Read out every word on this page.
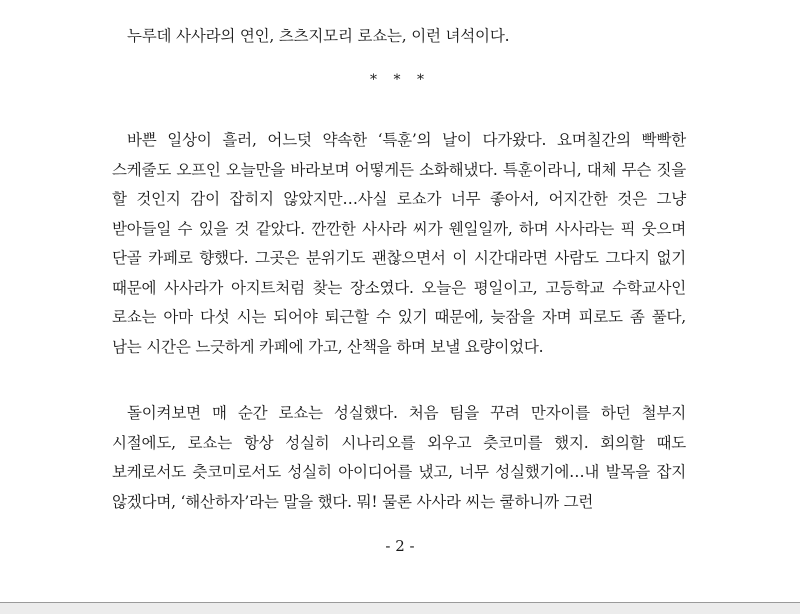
누루데 사사라의 연인, 츠츠지모리 로쇼는, 이런 녀석이다.

* * *

바쁜 일상이 흘러, 어느덧 약속한 ‘특훈’의 날이 다가왔다. 요며칠간의 빡빡한 스케줄도 오프인 오늘만을 바라보며 어떻게든 소화해냈다. 특훈이라니, 대체 무슨 짓을 할 것인지 감이 잡히지 않았지만…사실 로쇼가 너무 좋아서, 어지간한 것은 그냥 받아들일 수 있을 것 같았다. 깐깐한 사사라 씨가 웬일일까, 하며 사사라는 픽 웃으며 단골 카페로 향했다. 그곳은 분위기도 괜찮으면서 이 시간대라면 사람도 그다지 없기 때문에 사사라가 아지트처럼 찾는 장소였다. 오늘은 평일이고, 고등학교 수학교사인 로쇼는 아마 다섯 시는 되어야 퇴근할 수 있기 때문에, 늦잠을 자며 피로도 좀 풀다, 남는 시간은 느긋하게 카페에 가고, 산책을 하며 보낼 요량이었다.

돌이켜보면 매 순간 로쇼는 성실했다. 처음 팀을 꾸려 만자이를 하던 철부지 시절에도, 로쇼는 항상 성실히 시나리오를 외우고 츳코미를 했지. 회의할 때도 보케로서도 츳코미로서도 성실히 아이디어를 냈고, 너무 성실했기에…내 발목을 잡지 않겠다며, ‘해산하자’라는 말을 했다. 뭐! 물론 사사라 씨는 쿨하니까 그런

- 2 -
